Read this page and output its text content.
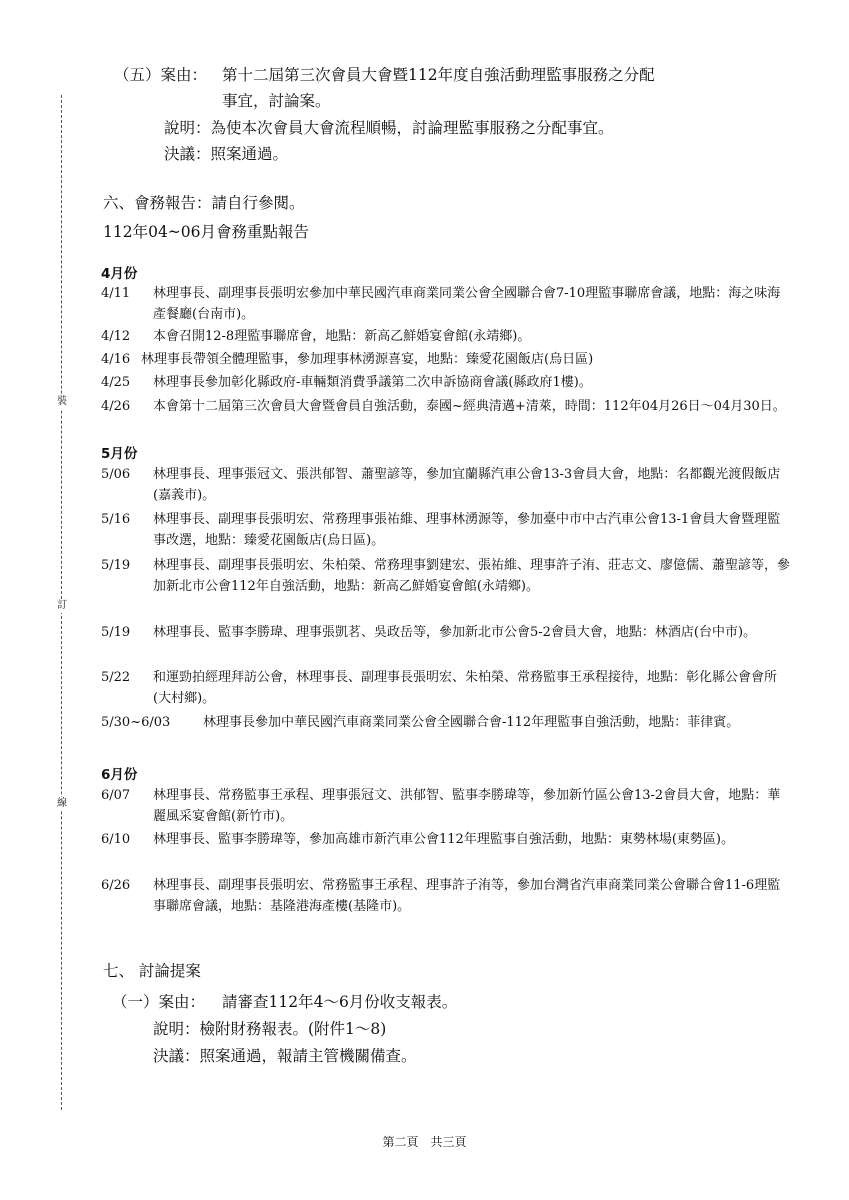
裝
訂
線
（五）案由： 第十二屆第三次會員大會暨112年度自強活動理監事服務之分配
事宜，討論案。
說明：為使本次會員大會流程順暢，討論理監事服務之分配事宜。
決議：照案通過。
六、會務報告：請自行參閱。
112年04~06月會務重點報告
4月份
4/11 林理事長、副理事長張明宏參加中華民國汽車商業同業公會全國聯合會7-10理監事聯席會議，地點：海之味海產餐廳(台南市)。
4/12 本會召開12-8理監事聯席會，地點：新高乙鮮婚宴會館(永靖鄉)。
4/16 林理事長帶領全體理監事，參加理事林湧源喜宴，地點：臻愛花園飯店(烏日區)
4/25 林理事長參加彰化縣政府-車輛類消費爭議第二次申訴協商會議(縣政府1樓)。
4/26 本會第十二屆第三次會員大會暨會員自強活動，泰國~經典清邁+清萊，時間：112年04月26日～04月30日。
5月份
5/06 林理事長、理事張冠文、張洪郁智、蕭聖諺等，參加宜蘭縣汽車公會13-3會員大會，地點：名都觀光渡假飯店(嘉義市)。
5/16 林理事長、副理事長張明宏、常務理事張祐維、理事林湧源等，參加臺中市中古汽車公會13-1會員大會暨理監事改選，地點：臻愛花園飯店(烏日區)。
5/19 林理事長、副理事長張明宏、朱柏榮、常務理事劉建宏、張祐維、理事許子洧、莊志文、廖億儒、蕭聖諺等，參加新北市公會112年自強活動，地點：新高乙鮮婚宴會館(永靖鄉)。
5/19 林理事長、監事李勝瑋、理事張凱茗、吳政岳等，參加新北市公會5-2會員大會，地點：林酒店(台中市)。
5/22 和運勁拍經理拜訪公會，林理事長、副理事長張明宏、朱柏榮、常務監事王承程接待，地點：彰化縣公會會所(大村鄉)。
5/30~6/03	林理事長參加中華民國汽車商業同業公會全國聯合會-112年理監事自強活動，地點：菲律賓。
6月份
6/07 林理事長、常務監事王承程、理事張冠文、洪郁智、監事李勝瑋等，參加新竹區公會13-2會員大會，地點：華麗風采宴會館(新竹市)。
6/10 林理事長、監事李勝瑋等，參加高雄市新汽車公會112年理監事自強活動，地點：東勢林場(東勢區)。
6/26 林理事長、副理事長張明宏、常務監事王承程、理事許子洧等，參加台灣省汽車商業同業公會聯合會11-6理監事聯席會議，地點：基隆港海產樓(基隆市)。
七、 討論提案
（一）案由： 請審查112年4～6月份收支報表。
說明：檢附財務報表。(附件1～8)
決議：照案通過，報請主管機關備查。
第二頁　共三頁
